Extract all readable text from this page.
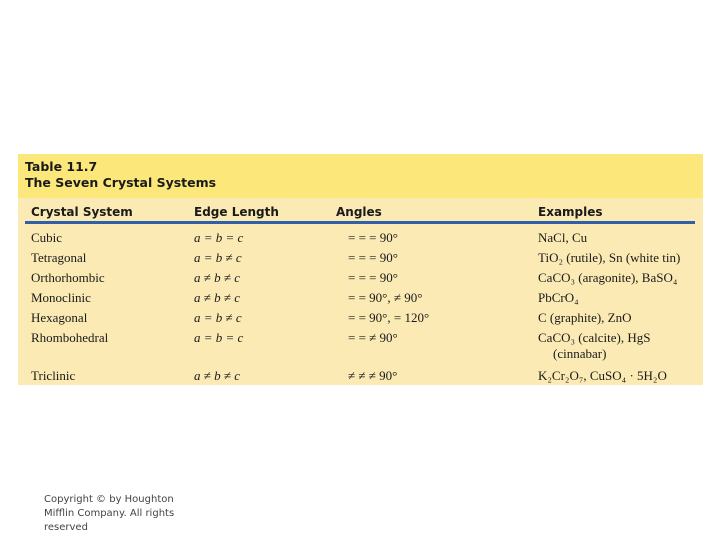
Table 11.7
The Seven Crystal Systems
Crystal System	Edge Length	Angles	Examples
Cubic	a = b = c	= = = 90°	NaCl, Cu
Tetragonal	a = b ≠ c	= = = 90°	TiO₂ (rutile), Sn (white tin)
Orthorhombic	a ≠ b ≠ c	= = = 90°	CaCO₃ (aragonite), BaSO₄
Monoclinic	a ≠ b ≠ c	= = 90°, ≠ 90°	PbCrO₄
Hexagonal	a = b ≠ c	= = 90°, = 120°	C (graphite), ZnO
Rhombohedral	a = b = c	= = ≠ 90°	CaCO₃ (calcite), HgS
(cinnabar)
Triclinic	a ≠ b ≠ c	≠ ≠ ≠ 90°	K₂Cr₂O₇, CuSO₄ · 5H₂O
Copyright © by Houghton Mifflin Company. All rights reserved
